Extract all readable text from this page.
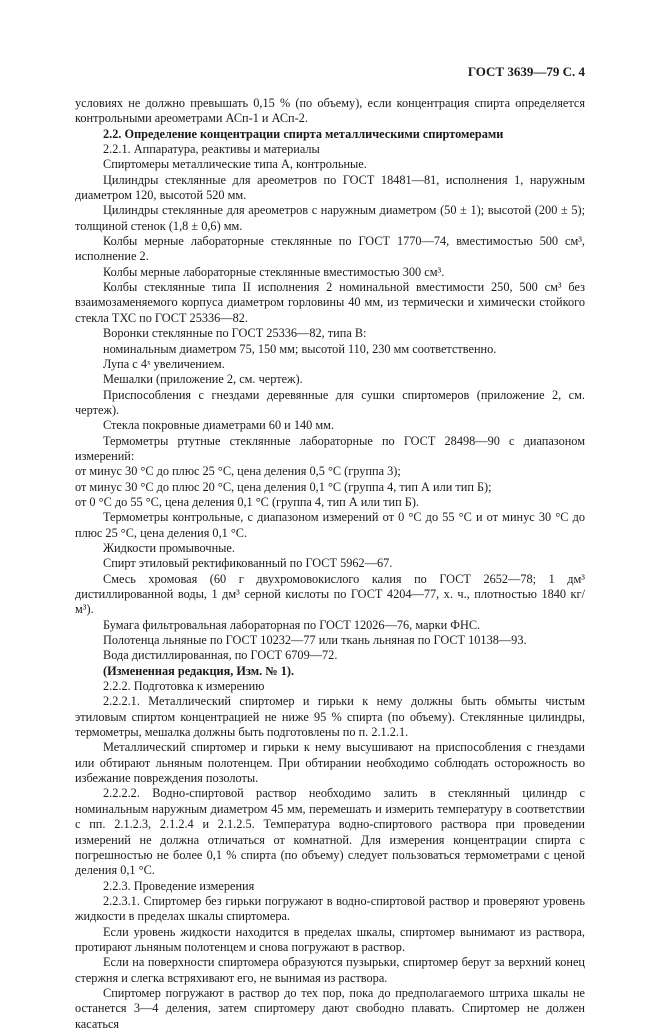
ГОСТ 3639—79 С. 4

условиях не должно превышать 0,15 % (по объему), если концентрация спирта определяется контрольными ареометрами АСп-1 и АСп-2.

2.2. Определение концентрации спирта металлическими спиртомерами

2.2.1. Аппаратура, реактивы и материалы

Спиртомеры металлические типа А, контрольные.

Цилиндры стеклянные для ареометров по ГОСТ 18481—81, исполнения 1, наружным диаметром 120, высотой 520 мм.

Цилиндры стеклянные для ареометров с наружным диаметром (50 ± 1); высотой (200 ± 5); толщиной стенок (1,8 ± 0,6) мм.

Колбы мерные лабораторные стеклянные по ГОСТ 1770—74, вместимостью 500 см³, исполнение 2.

Колбы мерные лабораторные стеклянные вместимостью 300 см³.

Колбы стеклянные типа II исполнения 2 номинальной вместимости 250, 500 см³ без взаимозаменяемого корпуса диаметром горловины 40 мм, из термически и химически стойкого стекла ТХС по ГОСТ 25336—82.

Воронки стеклянные по ГОСТ 25336—82, типа В:

номинальным диаметром 75, 150 мм; высотой 110, 230 мм соответственно.

Лупа с 4ˣ увеличением.

Мешалки (приложение 2, см. чертеж).

Приспособления с гнездами деревянные для сушки спиртомеров (приложение 2, см. чертеж).

Стекла покровные диаметрами 60 и 140 мм.

Термометры ртутные стеклянные лабораторные по ГОСТ 28498—90 с диапазоном измерений:

от минус 30 °С до плюс 25 °С, цена деления 0,5 °С (группа 3);

от минус 30 °С до плюс 20 °С, цена деления 0,1 °С (группа 4, тип А или тип Б);

от 0 °С до 55 °С, цена деления 0,1 °С (группа 4, тип А или тип Б).

Термометры контрольные, с диапазоном измерений от 0 °С до 55 °С и от минус 30 °С до плюс 25 °С, цена деления 0,1 °С.

Жидкости промывочные.

Спирт этиловый ректификованный по ГОСТ 5962—67.

Смесь хромовая (60 г двухромовокислого калия по ГОСТ 2652—78; 1 дм³ дистиллированной воды, 1 дм³ серной кислоты по ГОСТ 4204—77, х. ч., плотностью 1840 кг/м³).

Бумага фильтровальная лабораторная по ГОСТ 12026—76, марки ФНС.

Полотенца льняные по ГОСТ 10232—77 или ткань льняная по ГОСТ 10138—93.

Вода дистиллированная, по ГОСТ 6709—72.

(Измененная редакция, Изм. № 1).

2.2.2. Подготовка к измерению

2.2.2.1. Металлический спиртомер и гирьки к нему должны быть обмыты чистым этиловым спиртом концентрацией не ниже 95 % спирта (по объему). Стеклянные цилиндры, термометры, мешалка должны быть подготовлены по п. 2.1.2.1.

Металлический спиртомер и гирьки к нему высушивают на приспособления с гнездами или обтирают льняным полотенцем. При обтирании необходимо соблюдать осторожность во избежание повреждения позолоты.

2.2.2.2. Водно-спиртовой раствор необходимо залить в стеклянный цилиндр с номинальным наружным диаметром 45 мм, перемешать и измерить температуру в соответствии с пп. 2.1.2.3, 2.1.2.4 и 2.1.2.5. Температура водно-спиртового раствора при проведении измерений не должна отличаться от комнатной. Для измерения концентрации спирта с погрешностью не более 0,1 % спирта (по объему) следует пользоваться термометрами с ценой деления 0,1 °С.

2.2.3. Проведение измерения

2.2.3.1. Спиртомер без гирьки погружают в водно-спиртовой раствор и проверяют уровень жидкости в пределах шкалы спиртомера.

Если уровень жидкости находится в пределах шкалы, спиртомер вынимают из раствора, протирают льняным полотенцем и снова погружают в раствор.

Если на поверхности спиртомера образуются пузырьки, спиртомер берут за верхний конец стержня и слегка встряхивают его, не вынимая из раствора.

Спиртомер погружают в раствор до тех пор, пока до предполагаемого штриха шкалы не останется 3—4 деления, затем спиртомеру дают свободно плавать. Спиртомер не должен касаться
